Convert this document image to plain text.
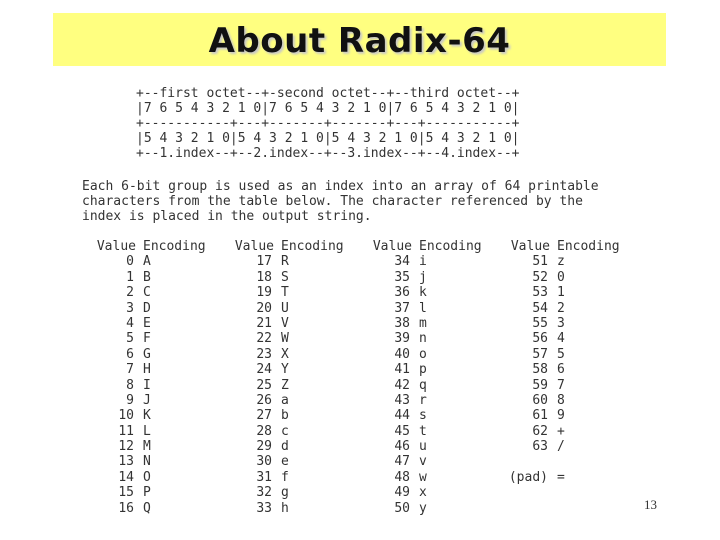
About Radix-64
+--first octet--+-second octet--+--third octet--+
|7 6 5 4 3 2 1 0|7 6 5 4 3 2 1 0|7 6 5 4 3 2 1 0|
+-----------+---+-------+-------+---+-----------+
|5 4 3 2 1 0|5 4 3 2 1 0|5 4 3 2 1 0|5 4 3 2 1 0|
+--1.index--+--2.index--+--3.index--+--4.index--+
Each 6-bit group is used as an index into an array of 64 printable
characters from the table below. The character referenced by the
index is placed in the output string.
Value Encoding
0 A
1 B
2 C
3 D
4 E
5 F
6 G
7 H
8 I
9 J
10 K
11 L
12 M
13 N
14 O
15 P
16 Q
Value Encoding
17 R
18 S
19 T
20 U
21 V
22 W
23 X
24 Y
25 Z
26 a
27 b
28 c
29 d
30 e
31 f
32 g
33 h
Value Encoding
34 i
35 j
36 k
37 l
38 m
39 n
40 o
41 p
42 q
43 r
44 s
45 t
46 u
47 v
48 w
49 x
50 y
Value Encoding
51 z
52 0
53 1
54 2
55 3
56 4
57 5
58 6
59 7
60 8
61 9
62 +
63 /
(pad) =
13
